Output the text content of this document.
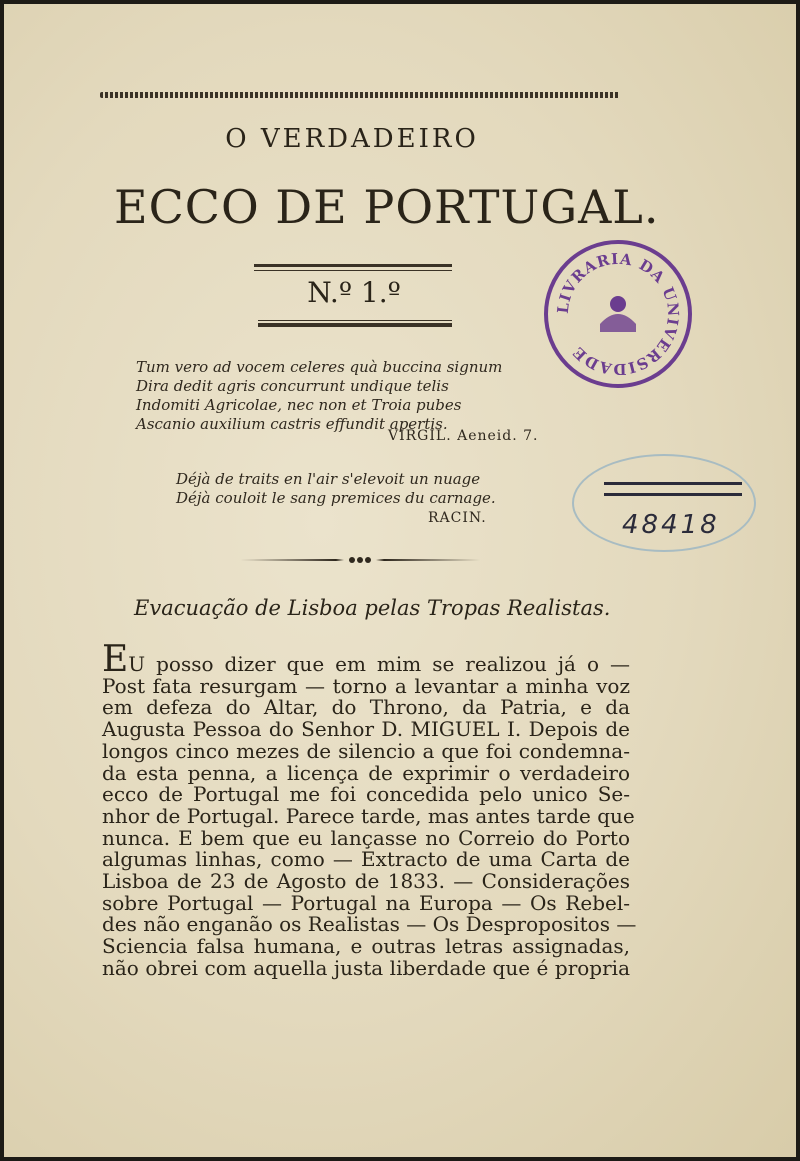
O VERDADEIRO
ECCO DE PORTUGAL.
N.º 1.º
Tum vero ad vocem celeres quà buccina signum
Dira dedit agris concurrunt undique telis
Indomiti Agricolae, nec non et Troia pubes
Ascanio auxilium castris effundit apertis.
VIRGIL. Aeneid. 7.
Déjà de traits en l'air s'elevoit un nuage
Déjà couloit le sang premices du carnage.
RACIN.
Evacuação de Lisboa pelas Tropas Realistas.
EU posso dizer que em mim se realizou já o —
Post fata resurgam — torno a levantar a minha voz
em defeza do Altar, do Throno, da Patria, e da
Augusta Pessoa do Senhor D. MIGUEL I. Depois de
longos cinco mezes de silencio a que foi condemna-
da esta penna, a licença de exprimir o verdadeiro
ecco de Portugal me foi concedida pelo unico Se-
nhor de Portugal. Parece tarde, mas antes tarde que
nunca. E bem que eu lançasse no Correio do Porto
algumas linhas, como — Extracto de uma Carta de
Lisboa de 23 de Agosto de 1833. — Considerações
sobre Portugal — Portugal na Europa — Os Rebel-
des não enganão os Realistas — Os Despropositos —
Sciencia falsa humana, e outras letras assignadas,
não obrei com aquella justa liberdade que é propria
LIVRARIA DA UNIVERSIDADE
48418
